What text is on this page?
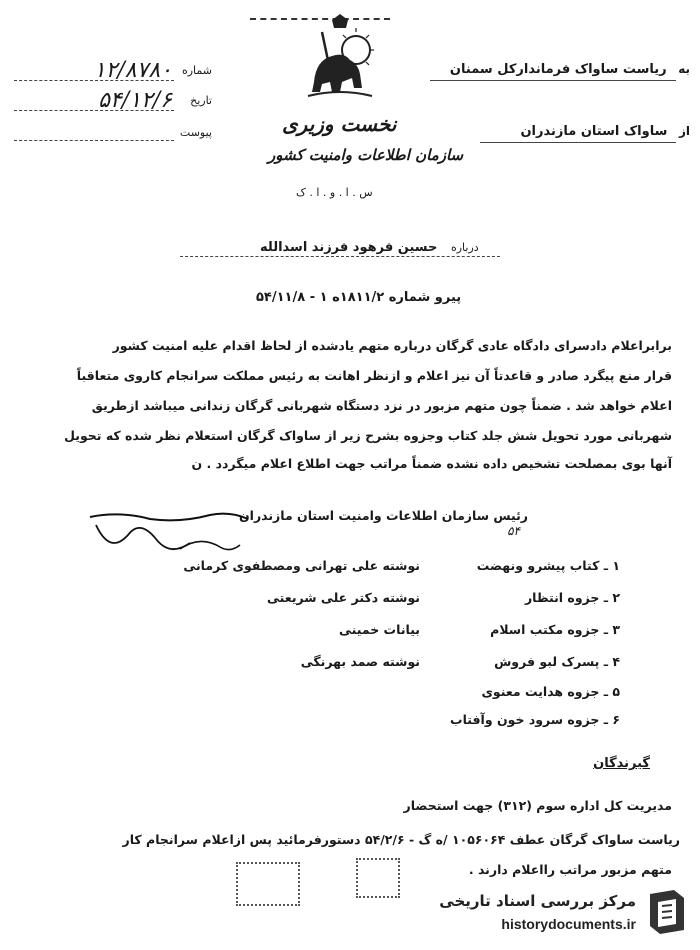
شماره
۱۲/۸۷۸۰
تاریخ
۵۴/۱۲/۶
پیوست	نخست وزیری
سازمان اطلاعات وامنیت کشور
س . ا . و . ا . ک
به ریاست ساواک فرماندارکل سمنان
از ساواک استان مازندران
درباره حسین فرهود فرزند اسدالله
پیرو شماره ۱۸۱۱/۲ه ۱ - ۵۴/۱۱/۸
برابراعلام دادسرای دادگاه عادی گرگان درباره متهم یادشده از لحاظ اقدام علیه امنیت کشور
قرار منع پیگرد صادر و قاعدتاً آن نیز اعلام و ازنظر اهانت به رئیس مملکت سرانجام کاروی متعاقباً
اعلام خواهد شد . ضمناً چون متهم مزبور در نزد دستگاه شهربانی گرگان زندانی میباشد ازطریق
شهربانی مورد تحویل شش جلد کتاب وجزوه بشرح زیر از ساواک گرگان استعلام نظر شده که تحویل
آنها بوی بمصلحت تشخیص داده نشده ضمناً مراتب جهت اطلاع اعلام میگردد . ن
رئیس سازمان اطلاعات وامنیت استان مازندران
۵۴
۱ ـ کتاب پیشرو ونهضت
نوشته علی تهرانی ومصطفوی کرمانی
۲ ـ جزوه انتظار
نوشته دکتر علی شریعتی
۳ ـ جزوه مکتب اسلام
بیانات خمینی
۴ ـ پسرک لبو فروش
نوشته صمد بهرنگی
۵ ـ جزوه هدایت معنوی
۶ ـ جزوه سرود خون وآفتاب
گیرندگان
مدیریت کل اداره سوم (۳۱۲) جهت استحضار
ریاست ساواک گرگان عطف ۱۰۵۶۰۶۴ /ه گ - ۵۴/۲/۶ دستورفرمائید پس ازاعلام سرانجام کار
متهم مزبور مراتب رااعلام دارند .
مرکز بررسی اسناد تاریخی
historydocuments.ir
